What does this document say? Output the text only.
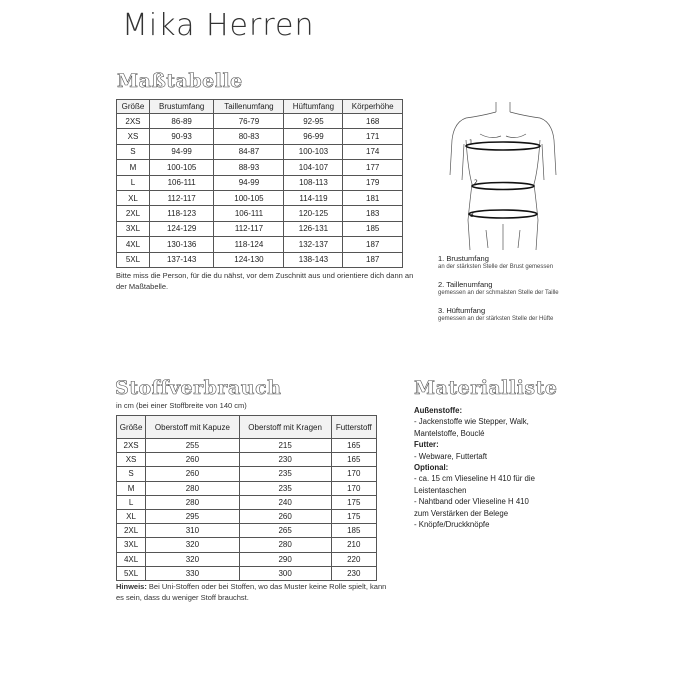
Mika Herren
Maßtabelle
Größe	Brustumfang	Taillenumfang	Hüftumfang	Körperhöhe
2XS	86-89	76-79	92-95	168
XS	90-93	80-83	96-99	171
S	94-99	84-87	100-103	174
M	100-105	88-93	104-107	177
L	106-111	94-99	108-113	179
XL	112-117	100-105	114-119	181
2XL	118-123	106-111	120-125	183
3XL	124-129	112-117	126-131	185
4XL	130-136	118-124	132-137	187
5XL	137-143	124-130	138-143	187
Bitte miss die Person, für die du nähst, vor dem Zuschnitt aus und orientiere dich dann an der Maßtabelle.
1
2
3
1. Brustumfang
an der stärksten Stelle der Brust gemessen
2. Taillenumfang
gemessen an der schmalsten Stelle der Taille
3. Hüftumfang
gemessen an der stärksten Stelle der Hüfte
Stoffverbrauch
in cm (bei einer Stoffbreite von 140 cm)
Größe	Oberstoff mit Kapuze	Oberstoff mit Kragen	Futterstoff
2XS	255	215	165
XS	260	230	165
S	260	235	170
M	280	235	170
L	280	240	175
XL	295	260	175
2XL	310	265	185
3XL	320	280	210
4XL	320	290	220
5XL	330	300	230
Hinweis: Bei Uni-Stoffen oder bei Stoffen, wo das Muster keine Rolle spielt, kann es sein, dass du weniger Stoff brauchst.
Materialliste
Außenstoffe:
- Jackenstoffe wie Stepper, Walk,
Mantelstoffe, Bouclé
Futter:
- Webware, Futtertaft
Optional:
- ca. 15 cm Vlieseline H 410 für die
Leistentaschen
- Nahtband oder Vlieseline H 410
zum Verstärken der Belege
- Knöpfe/Druckknöpfe
